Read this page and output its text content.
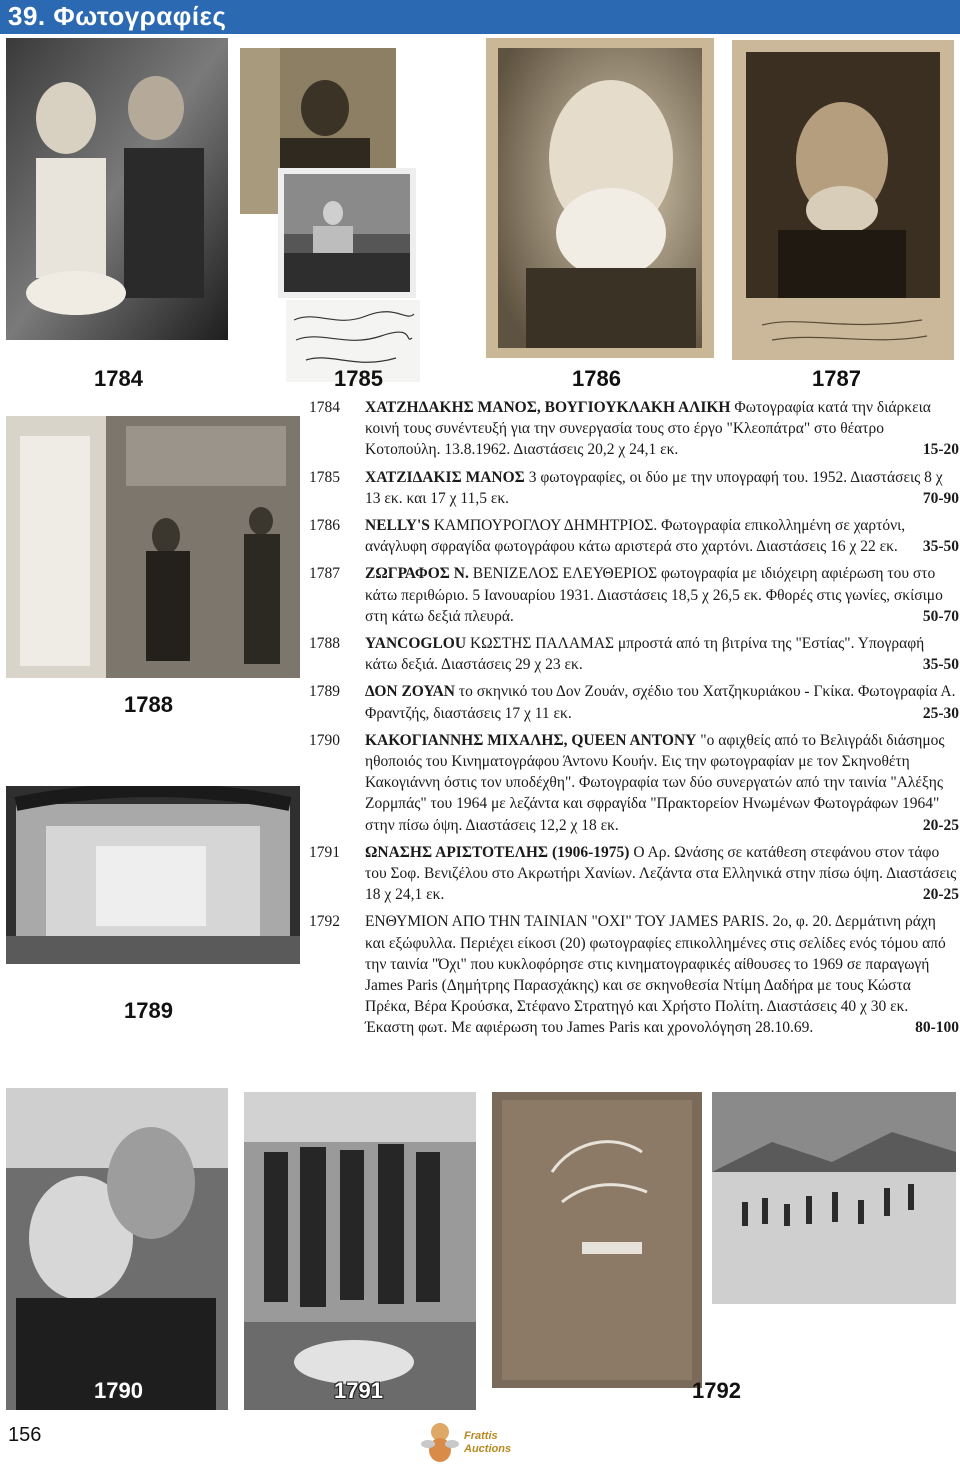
39. Φωτογραφίες
1784	1785	1786	1787
1788
1789
1790	1791	1792
1784 ΧΑΤΖΗΔΑΚΗΣ ΜΑΝΟΣ, ΒΟΥΓΙΟΥΚΛΑΚΗ ΑΛΙΚΗ Φωτογραφία κατά την διάρκεια κοινή τους συνέντευξή για την συνεργασία τους στο έργο "Κλεοπάτρα" στο θέατρο Κοτοπούλη. 13.8.1962. Διαστάσεις 20,2 χ 24,1 εκ.	15-20
1785 ΧΑΤΖΙΔΑΚΙΣ ΜΑΝΟΣ 3 φωτογραφίες, οι δύο με την υπογραφή του. 1952. Διαστάσεις 8 χ 13 εκ. και 17 χ 11,5 εκ.	70-90
1786 NELLY'S ΚΑΜΠΟΥΡΟΓΛΟΥ ΔΗΜΗΤΡΙΟΣ. Φωτογραφία επικολλημένη σε χαρτόνι, ανάγλυφη σφραγίδα φωτογράφου κάτω αριστερά στο χαρτόνι. Διαστάσεις 16 χ 22 εκ. 35-50
1787 ΖΩΓΡΑΦΟΣ Ν. ΒΕΝΙΖΕΛΟΣ ΕΛΕΥΘΕΡΙΟΣ φωτογραφία με ιδιόχειρη αφιέρωση του στο κάτω περιθώριο. 5 Ιανουαρίου 1931. Διαστάσεις 18,5 χ 26,5 εκ. Φθορές στις γωνίες, σκίσιμο στη κάτω δεξιά πλευρά.	50-70
1788 YANCOGLOU ΚΩΣΤΗΣ ΠΑΛΑΜΑΣ μπροστά από τη βιτρίνα της "Εστίας". Υπογραφή κάτω δεξιά. Διαστάσεις 29 χ 23 εκ.	35-50
1789 ΔΟΝ ΖΟΥΑΝ το σκηνικό του Δον Ζουάν, σχέδιο του Χατζηκυριάκου - Γκίκα. Φωτογραφία Α. Φραντζής, διαστάσεις 17 χ 11 εκ.	25-30
1790 ΚΑΚΟΓΙΑΝΝΗΣ ΜΙΧΑΛΗΣ, QUEEN ANTONY "ο αφιχθείς από το Βελιγράδι διάσημος ηθοποιός του Κινηματογράφου Άντονυ Κουήν. Εις την φωτογραφίαν με τον Σκηνοθέτη Κακογιάννη όστις τον υποδέχθη". Φωτογραφία των δύο συνεργατών από την ταινία "Αλέξης Ζορμπάς" του 1964 με λεζάντα και σφραγίδα "Πρακτορείον Ηνωμένων Φωτογράφων 1964" στην πίσω όψη. Διαστάσεις 12,2 χ 18 εκ.	20-25
1791 ΩΝΑΣΗΣ ΑΡΙΣΤΟΤΕΛΗΣ (1906-1975) Ο Αρ. Ωνάσης σε κατάθεση στεφάνου στον τάφο του Σοφ. Βενιζέλου στο Ακρωτήρι Χανίων. Λεζάντα στα Ελληνικά στην πίσω όψη. Διαστάσεις 18 χ 24,1 εκ.	20-25
1792 ΕΝΘΥΜΙΟΝ ΑΠΟ ΤΗΝ ΤΑΙΝΙΑΝ "ΟΧΙ" ΤΟΥ JAMES PARIS. 2ο, φ. 20. Δερμάτινη ράχη και εξώφυλλα. Περιέχει είκοσι (20) φωτογραφίες επικολλημένες στις σελίδες ενός τόμου από την ταινία "Όχι" που κυκλοφόρησε στις κινηματογραφικές αίθουσες το 1969 σε παραγωγή James Paris (Δημήτρης Παρασχάκης) και σε σκηνοθεσία Ντίμη Δαδήρα με τους Κώστα Πρέκα, Βέρα Κρούσκα, Στέφανο Στρατηγό και Χρήστο Πολίτη. Διαστάσεις 40 χ 30 εκ. Έκαστη φωτ. Με αφιέρωση του James Paris και χρονολόγηση 28.10.69.	80-100
156	Frattis
Auctions
